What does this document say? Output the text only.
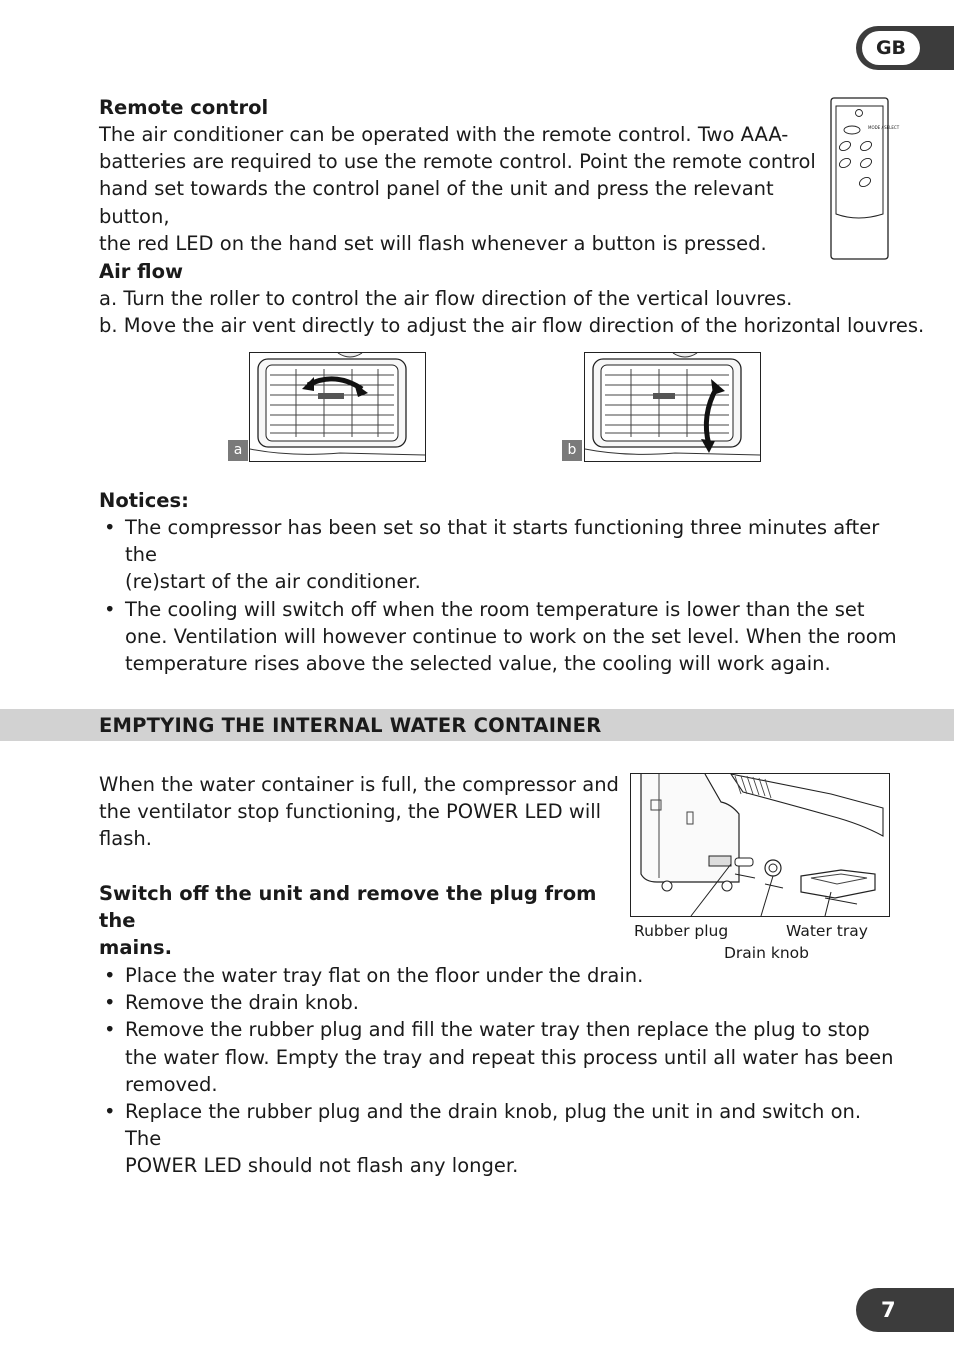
GB
7
Remote control
The air conditioner can be operated with the remote control. Two AAA-
batteries are required to use the remote control. Point the remote control
hand set towards the control panel of the unit and press the relevant button,
the red LED on the hand set will flash whenever a button is pressed.
MODE / SELECT
Air flow
a. Turn the roller to control the air flow direction of the vertical louvres.
b. Move the air vent directly to adjust the air flow direction of the horizontal louvres.
a	b
Notices:
• The compressor has been set so that it starts functioning three minutes after the
(re)start of the air conditioner.
• The cooling will switch off when the room temperature is lower than the set
one. Ventilation will however continue to work on the set level. When the room
temperature rises above the selected value, the cooling will work again.
EMPTYING THE INTERNAL WATER CONTAINER
When the water container is full, the compressor and
the ventilator stop functioning, the POWER LED will
flash.
Switch off the unit and remove the plug from the
mains.
Rubber plug	Water tray
Drain knob
• Place the water tray flat on the floor under the drain.
• Remove the drain knob.
• Remove the rubber plug and fill the water tray then replace the plug to stop
the water flow. Empty the tray and repeat this process until all water has been
removed.
• Replace the rubber plug and the drain knob, plug the unit in and switch on. The
POWER LED should not flash any longer.
